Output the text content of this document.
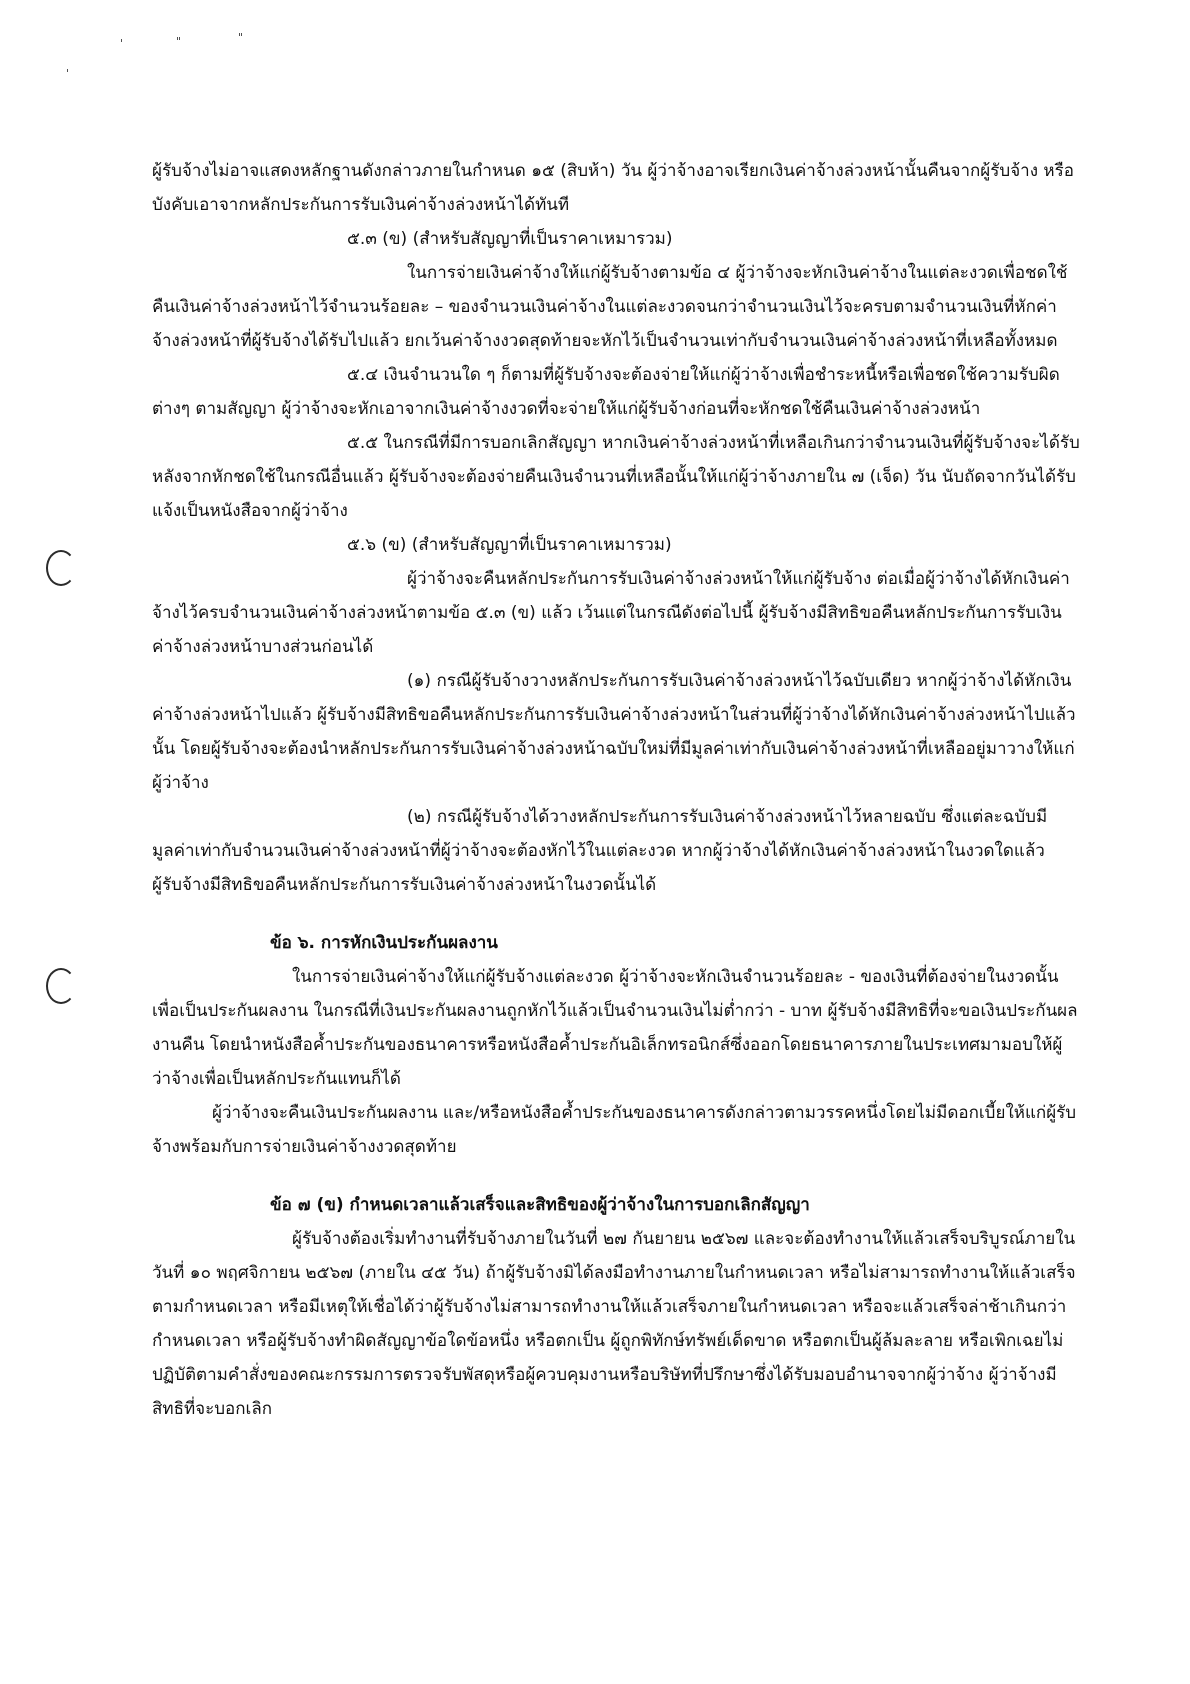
'	"	"
'
ผู้รับจ้างไม่อาจแสดงหลักฐานดังกล่าวภายในกำหนด ๑๕ (สิบห้า) วัน ผู้ว่าจ้างอาจเรียกเงินค่าจ้างล่วงหน้านั้นคืนจากผู้รับจ้าง หรือบังคับเอาจากหลักประกันการรับเงินค่าจ้างล่วงหน้าได้ทันที
๕.๓ (ข) (สำหรับสัญญาที่เป็นราคาเหมารวม)
ในการจ่ายเงินค่าจ้างให้แก่ผู้รับจ้างตามข้อ ๔ ผู้ว่าจ้างจะหักเงินค่าจ้างในแต่ละงวดเพื่อชดใช้คืนเงินค่าจ้างล่วงหน้าไว้จำนวนร้อยละ – ของจำนวนเงินค่าจ้างในแต่ละงวดจนกว่าจำนวนเงินไว้จะครบตามจำนวนเงินที่หักค่าจ้างล่วงหน้าที่ผู้รับจ้างได้รับไปแล้ว ยกเว้นค่าจ้างงวดสุดท้ายจะหักไว้เป็นจำนวนเท่ากับจำนวนเงินค่าจ้างล่วงหน้าที่เหลือทั้งหมด
๕.๔ เงินจำนวนใด ๆ ก็ตามที่ผู้รับจ้างจะต้องจ่ายให้แก่ผู้ว่าจ้างเพื่อชำระหนี้หรือเพื่อชดใช้ความรับผิดต่างๆ ตามสัญญา ผู้ว่าจ้างจะหักเอาจากเงินค่าจ้างงวดที่จะจ่ายให้แก่ผู้รับจ้างก่อนที่จะหักชดใช้คืนเงินค่าจ้างล่วงหน้า
๕.๕ ในกรณีที่มีการบอกเลิกสัญญา หากเงินค่าจ้างล่วงหน้าที่เหลือเกินกว่าจำนวนเงินที่ผู้รับจ้างจะได้รับหลังจากหักชดใช้ในกรณีอื่นแล้ว ผู้รับจ้างจะต้องจ่ายคืนเงินจำนวนที่เหลือนั้นให้แก่ผู้ว่าจ้างภายใน ๗ (เจ็ด) วัน นับถัดจากวันได้รับแจ้งเป็นหนังสือจากผู้ว่าจ้าง
๕.๖ (ข) (สำหรับสัญญาที่เป็นราคาเหมารวม)
ผู้ว่าจ้างจะคืนหลักประกันการรับเงินค่าจ้างล่วงหน้าให้แก่ผู้รับจ้าง ต่อเมื่อผู้ว่าจ้างได้หักเงินค่าจ้างไว้ครบจำนวนเงินค่าจ้างล่วงหน้าตามข้อ ๕.๓ (ข) แล้ว เว้นแต่ในกรณีดังต่อไปนี้ ผู้รับจ้างมีสิทธิขอคืนหลักประกันการรับเงินค่าจ้างล่วงหน้าบางส่วนก่อนได้
(๑) กรณีผู้รับจ้างวางหลักประกันการรับเงินค่าจ้างล่วงหน้าไว้ฉบับเดียว หากผู้ว่าจ้างได้หักเงินค่าจ้างล่วงหน้าไปแล้ว ผู้รับจ้างมีสิทธิขอคืนหลักประกันการรับเงินค่าจ้างล่วงหน้าในส่วนที่ผู้ว่าจ้างได้หักเงินค่าจ้างล่วงหน้าไปแล้วนั้น โดยผู้รับจ้างจะต้องนำหลักประกันการรับเงินค่าจ้างล่วงหน้าฉบับใหม่ที่มีมูลค่าเท่ากับเงินค่าจ้างล่วงหน้าที่เหลืออยู่มาวางให้แก่ผู้ว่าจ้าง
(๒) กรณีผู้รับจ้างได้วางหลักประกันการรับเงินค่าจ้างล่วงหน้าไว้หลายฉบับ ซึ่งแต่ละฉบับมีมูลค่าเท่ากับจำนวนเงินค่าจ้างล่วงหน้าที่ผู้ว่าจ้างจะต้องหักไว้ในแต่ละงวด หากผู้ว่าจ้างได้หักเงินค่าจ้างล่วงหน้าในงวดใดแล้ว ผู้รับจ้างมีสิทธิขอคืนหลักประกันการรับเงินค่าจ้างล่วงหน้าในงวดนั้นได้
ข้อ ๖. การหักเงินประกันผลงาน
ในการจ่ายเงินค่าจ้างให้แก่ผู้รับจ้างแต่ละงวด ผู้ว่าจ้างจะหักเงินจำนวนร้อยละ - ของเงินที่ต้องจ่ายในงวดนั้นเพื่อเป็นประกันผลงาน ในกรณีที่เงินประกันผลงานถูกหักไว้แล้วเป็นจำนวนเงินไม่ต่ำกว่า - บาท ผู้รับจ้างมีสิทธิที่จะขอเงินประกันผลงานคืน โดยนำหนังสือค้ำประกันของธนาคารหรือหนังสือค้ำประกันอิเล็กทรอนิกส์ซึ่งออกโดยธนาคารภายในประเทศมามอบให้ผู้ว่าจ้างเพื่อเป็นหลักประกันแทนก็ได้
ผู้ว่าจ้างจะคืนเงินประกันผลงาน และ/หรือหนังสือค้ำประกันของธนาคารดังกล่าวตามวรรคหนึ่งโดยไม่มีดอกเบี้ยให้แก่ผู้รับจ้างพร้อมกับการจ่ายเงินค่าจ้างงวดสุดท้าย
ข้อ ๗ (ข) กำหนดเวลาแล้วเสร็จและสิทธิของผู้ว่าจ้างในการบอกเลิกสัญญา
ผู้รับจ้างต้องเริ่มทำงานที่รับจ้างภายในวันที่ ๒๗ กันยายน ๒๕๖๗ และจะต้องทำงานให้แล้วเสร็จบริบูรณ์ภายในวันที่ ๑๐ พฤศจิกายน ๒๕๖๗ (ภายใน ๔๕ วัน) ถ้าผู้รับจ้างมิได้ลงมือทำงานภายในกำหนดเวลา หรือไม่สามารถทำงานให้แล้วเสร็จตามกำหนดเวลา หรือมีเหตุให้เชื่อได้ว่าผู้รับจ้างไม่สามารถทำงานให้แล้วเสร็จภายในกำหนดเวลา หรือจะแล้วเสร็จล่าช้าเกินกว่ากำหนดเวลา หรือผู้รับจ้างทำผิดสัญญาข้อใดข้อหนึ่ง หรือตกเป็น ผู้ถูกพิทักษ์ทรัพย์เด็ดขาด หรือตกเป็นผู้ล้มละลาย หรือเพิกเฉยไม่ปฏิบัติตามคำสั่งของคณะกรรมการตรวจรับพัสดุหรือผู้ควบคุมงานหรือบริษัทที่ปรึกษาซึ่งได้รับมอบอำนาจจากผู้ว่าจ้าง ผู้ว่าจ้างมีสิทธิที่จะบอกเลิก
